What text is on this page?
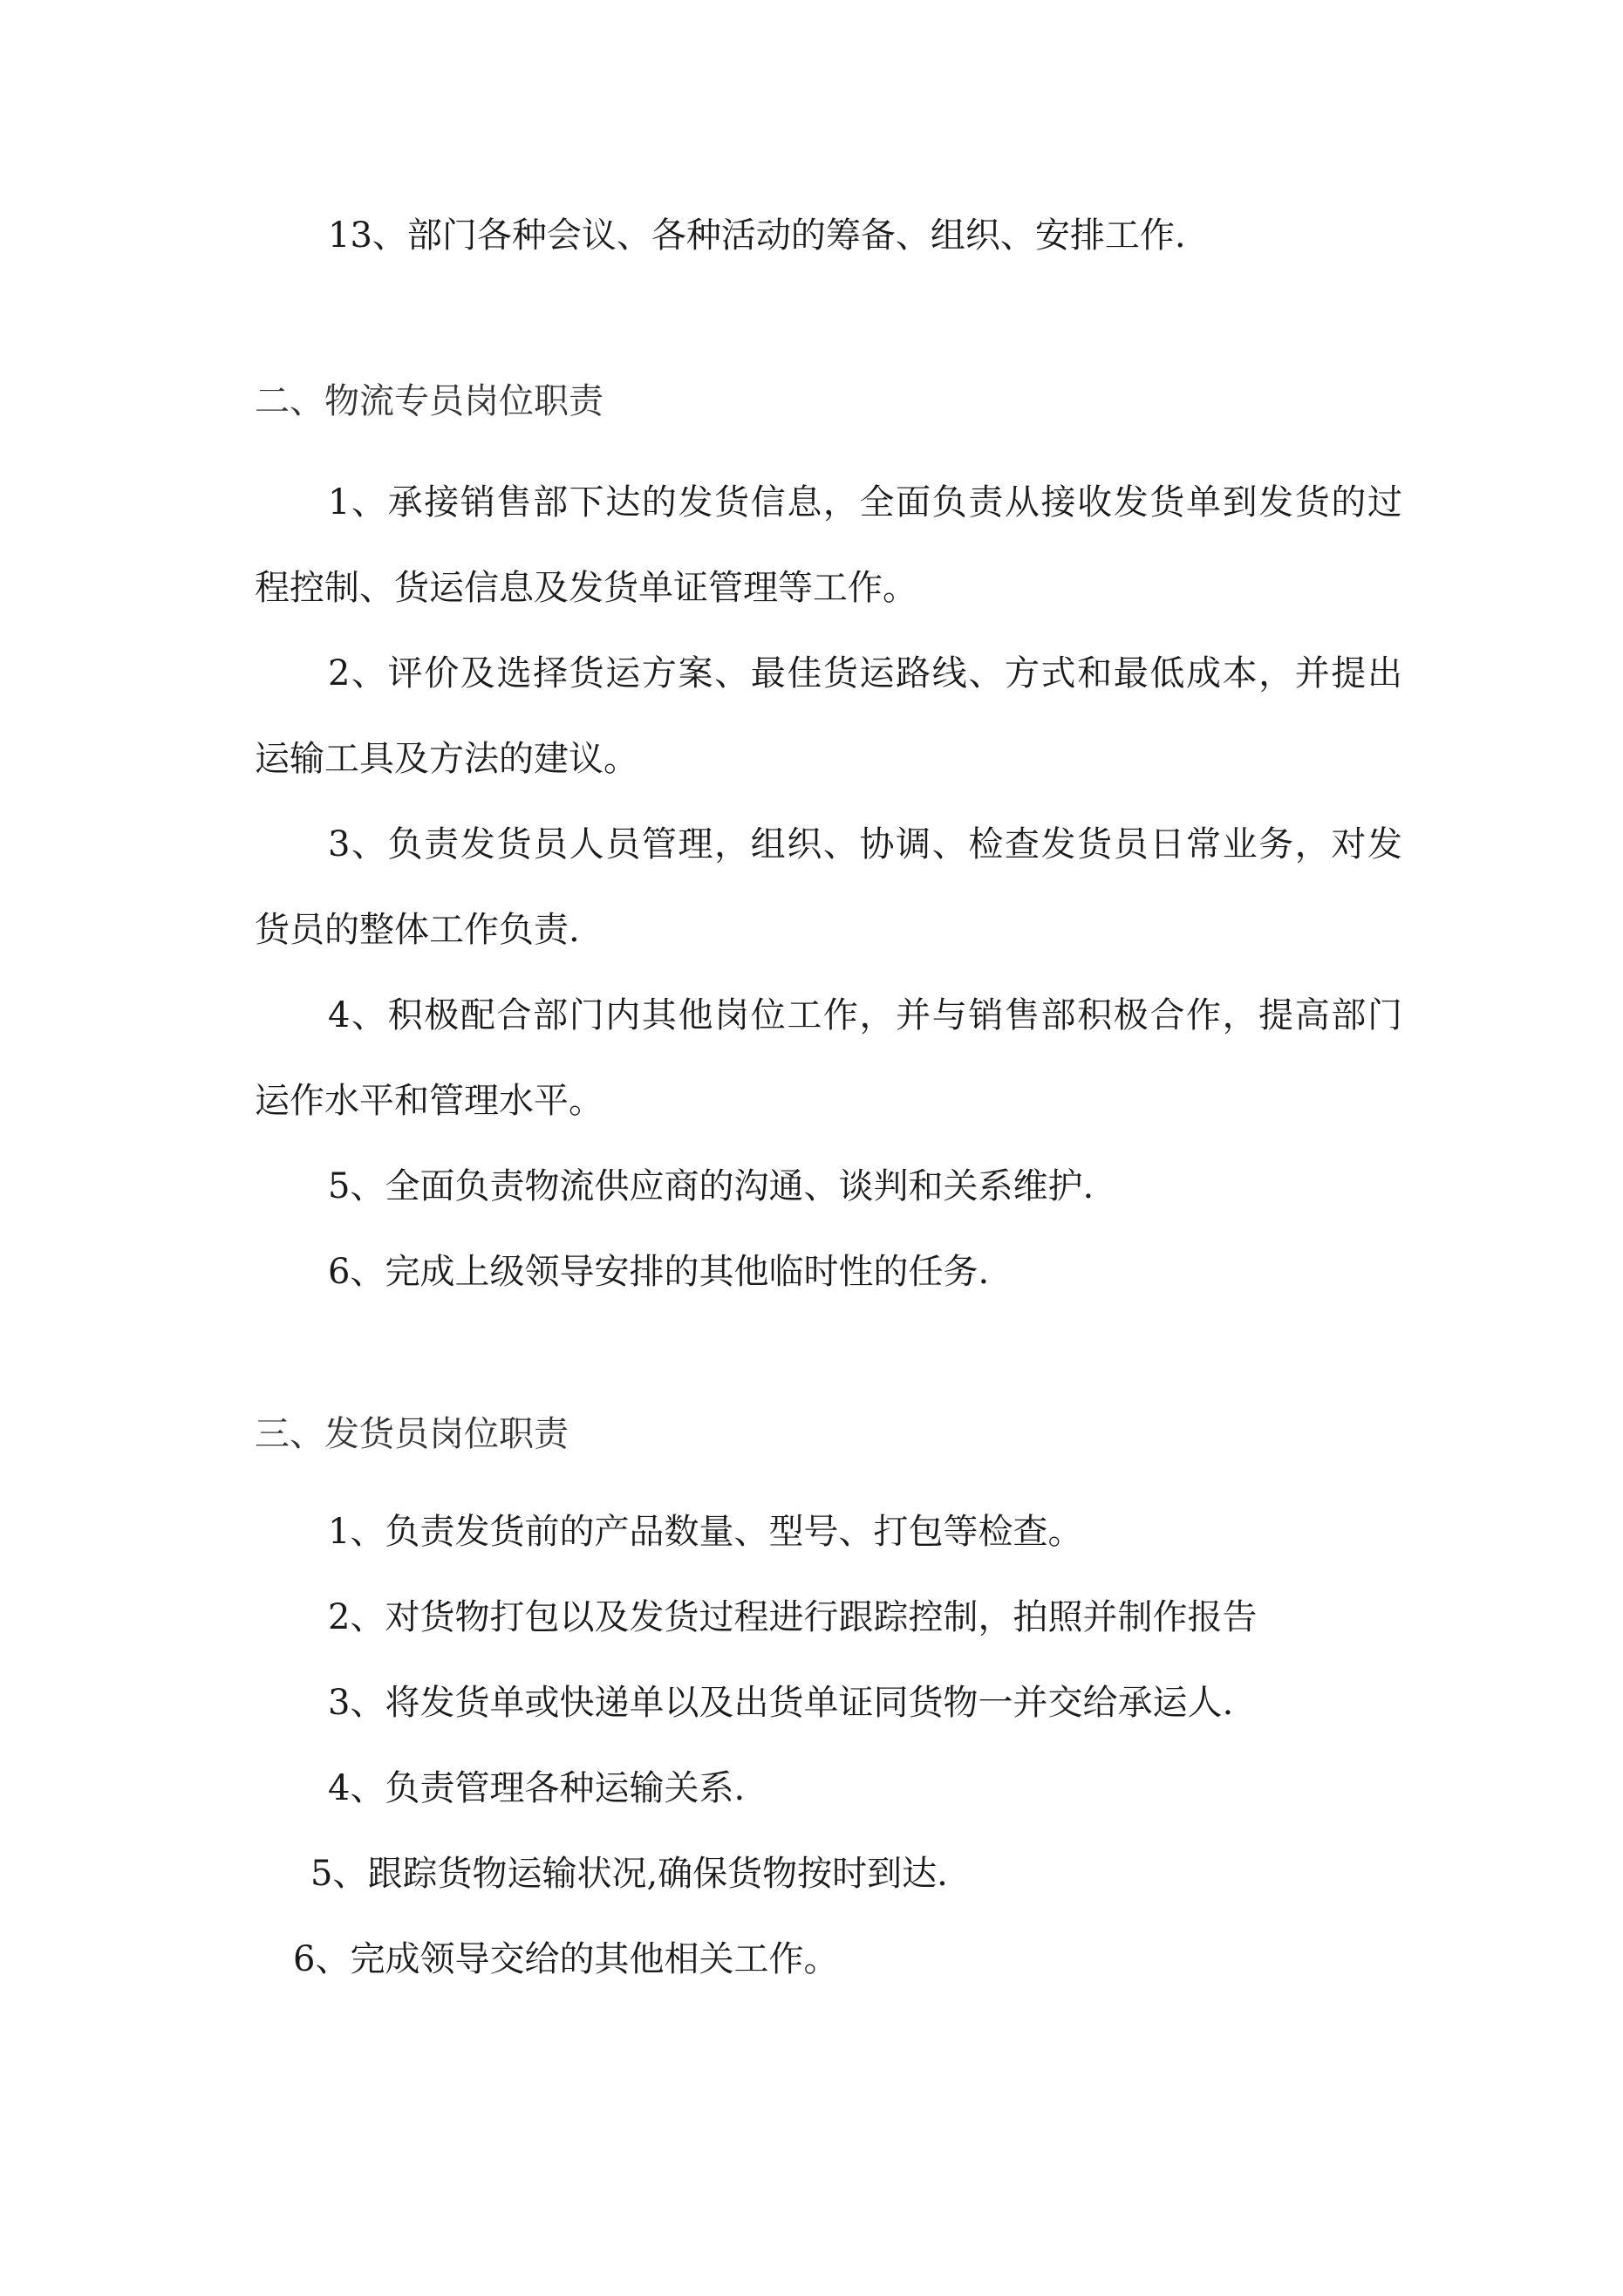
13、部门各种会议、各种活动的筹备、组织、安排工作.
二、物流专员岗位职责
1、承接销售部下达的发货信息，全面负责从接收发货单到发货的过
程控制、货运信息及发货单证管理等工作。
2、评价及选择货运方案、最佳货运路线、方式和最低成本，并提出
运输工具及方法的建议。
3、负责发货员人员管理，组织、协调、检查发货员日常业务，对发
货员的整体工作负责.
4、积极配合部门内其他岗位工作，并与销售部积极合作，提高部门
运作水平和管理水平。
5、全面负责物流供应商的沟通、谈判和关系维护.
6、完成上级领导安排的其他临时性的任务.
三、发货员岗位职责
1、负责发货前的产品数量、型号、打包等检查。
2、对货物打包以及发货过程进行跟踪控制，拍照并制作报告
3、将发货单或快递单以及出货单证同货物一并交给承运人.
4、负责管理各种运输关系.
5、跟踪货物运输状况,确保货物按时到达.
6、完成领导交给的其他相关工作。
